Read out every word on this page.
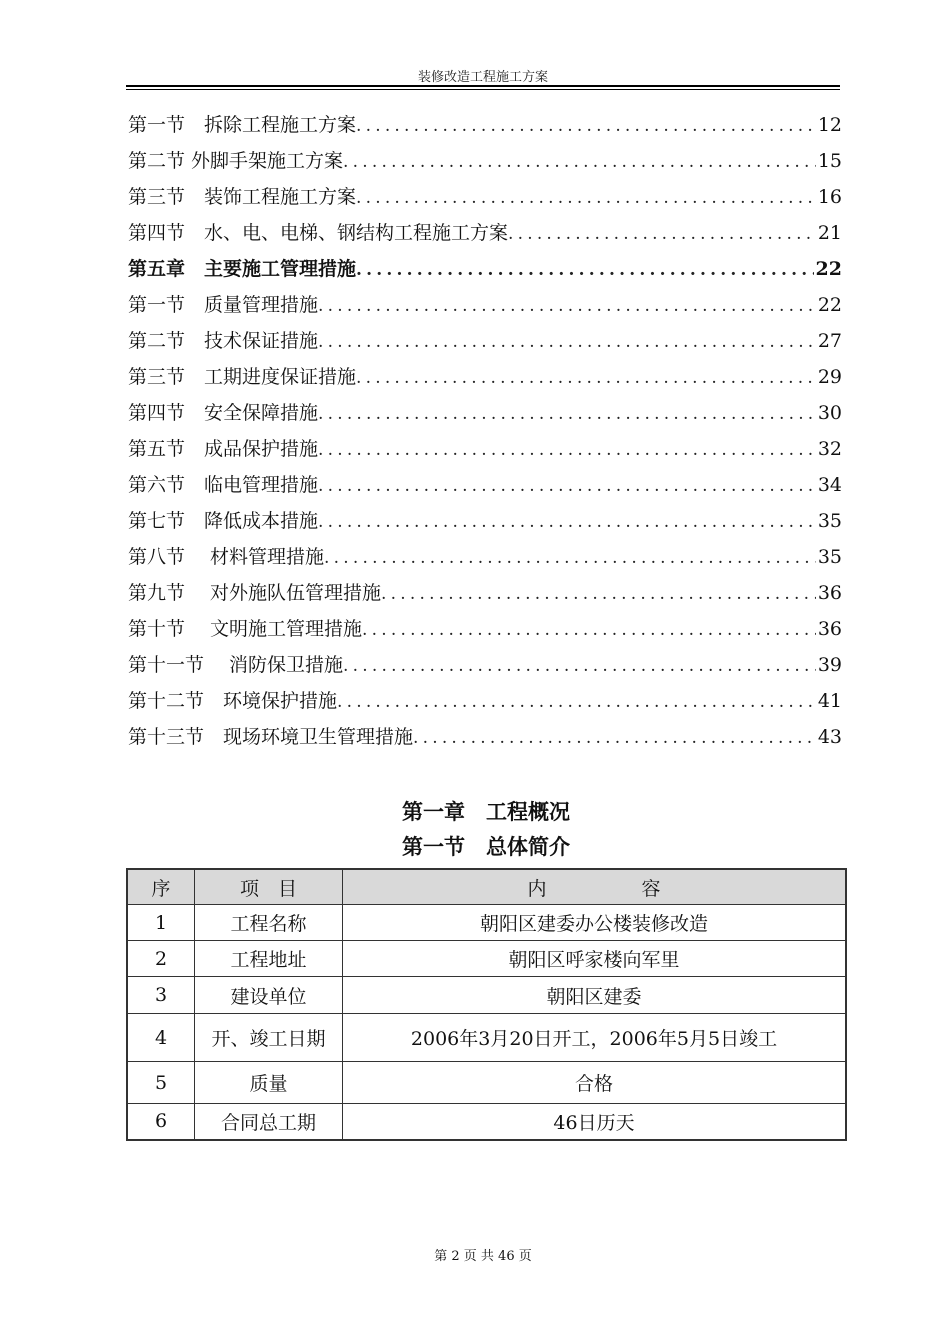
装修改造工程施工方案
第一节　拆除工程施工方案 .....	12
第二节 外脚手架施工方案 .....	15
第三节　装饰工程施工方案 .....	16
第四节　水、电、电梯、钢结构工程施工方案 .....	21
第五章　主要施工管理措施 .....	22
第一节　质量管理措施 .....	22
第二节　技术保证措施 .....	27
第三节　工期进度保证措施 .....	29
第四节　安全保障措施 .....	30
第五节　成品保护措施 .....	32
第六节　临电管理措施 .....	34
第七节　降低成本措施 .....	35
第八节　 材料管理措施 .....	35
第九节　 对外施队伍管理措施 .....	36
第十节　 文明施工管理措施 .....	36
第十一节　 消防保卫措施 .....	39
第十二节　环境保护措施 .....	41
第十三节　现场环境卫生管理措施 .....	43
第一章　工程概况
第一节　总体简介
序	项　目	内　　　　　容
1	工程名称	朝阳区建委办公楼装修改造
2	工程地址	朝阳区呼家楼向军里
3	建设单位	朝阳区建委
4	开、竣工日期	2006年3月20日开工，2006年5月5日竣工
5	质量	合格
6	合同总工期	46日历天
第 2 页 共 46 页
